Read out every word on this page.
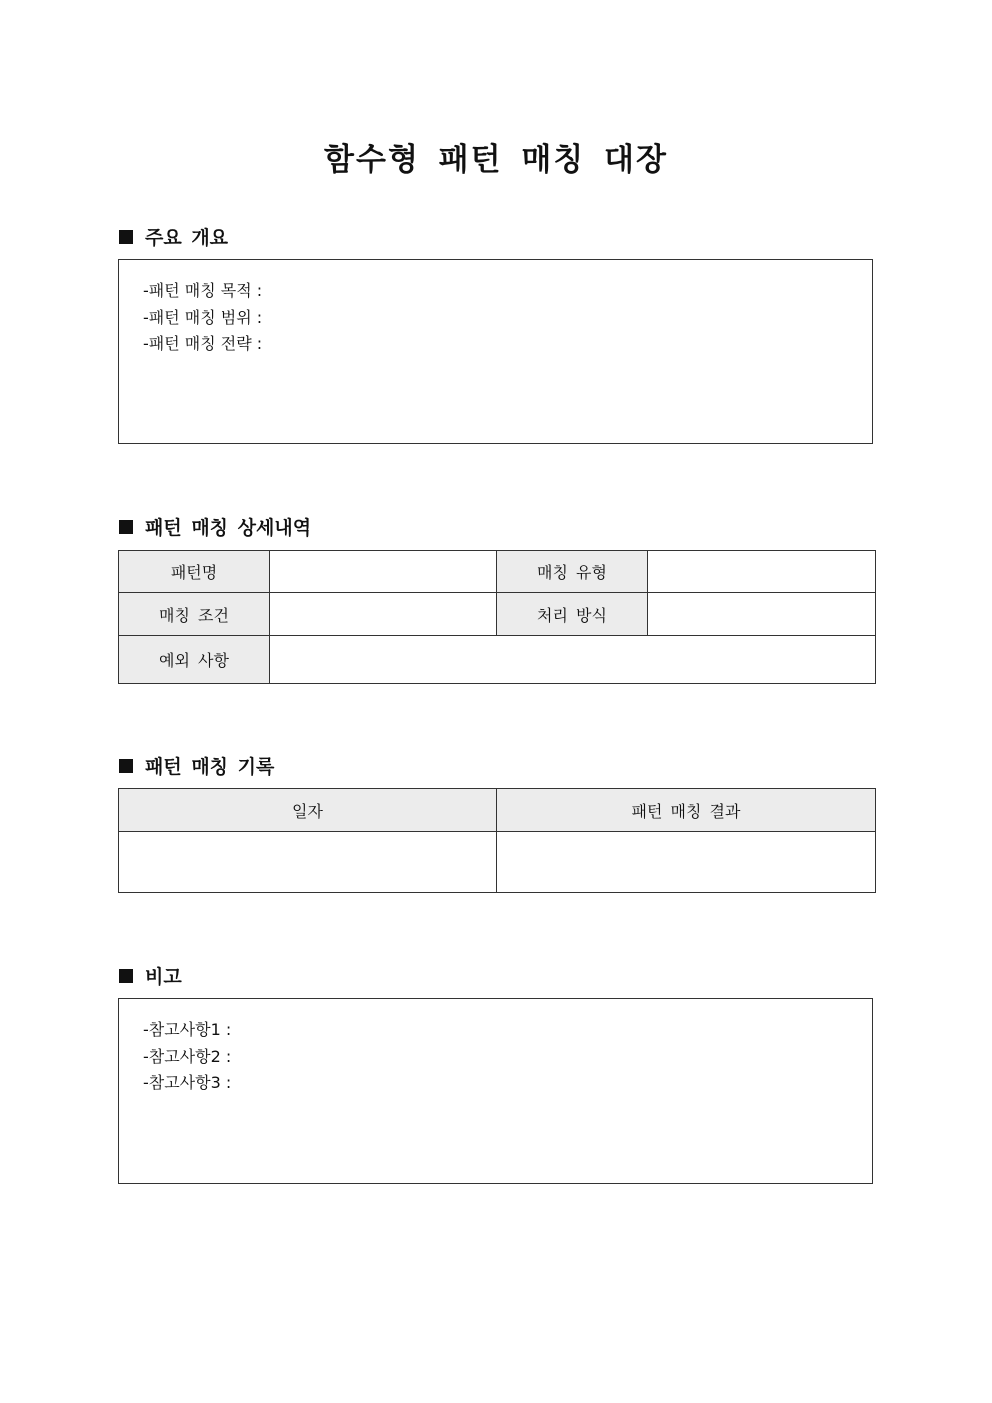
함수형 패턴 매칭 대장
주요 개요
-패턴 매칭 목적 :
-패턴 매칭 범위 :
-패턴 매칭 전략 :
패턴 매칭 상세내역
패턴명		매칭 유형	
매칭 조건		처리 방식	
예외 사항			
패턴 매칭 기록
일자	패턴 매칭 결과

비고
-참고사항1 :
-참고사항2 :
-참고사항3 :
